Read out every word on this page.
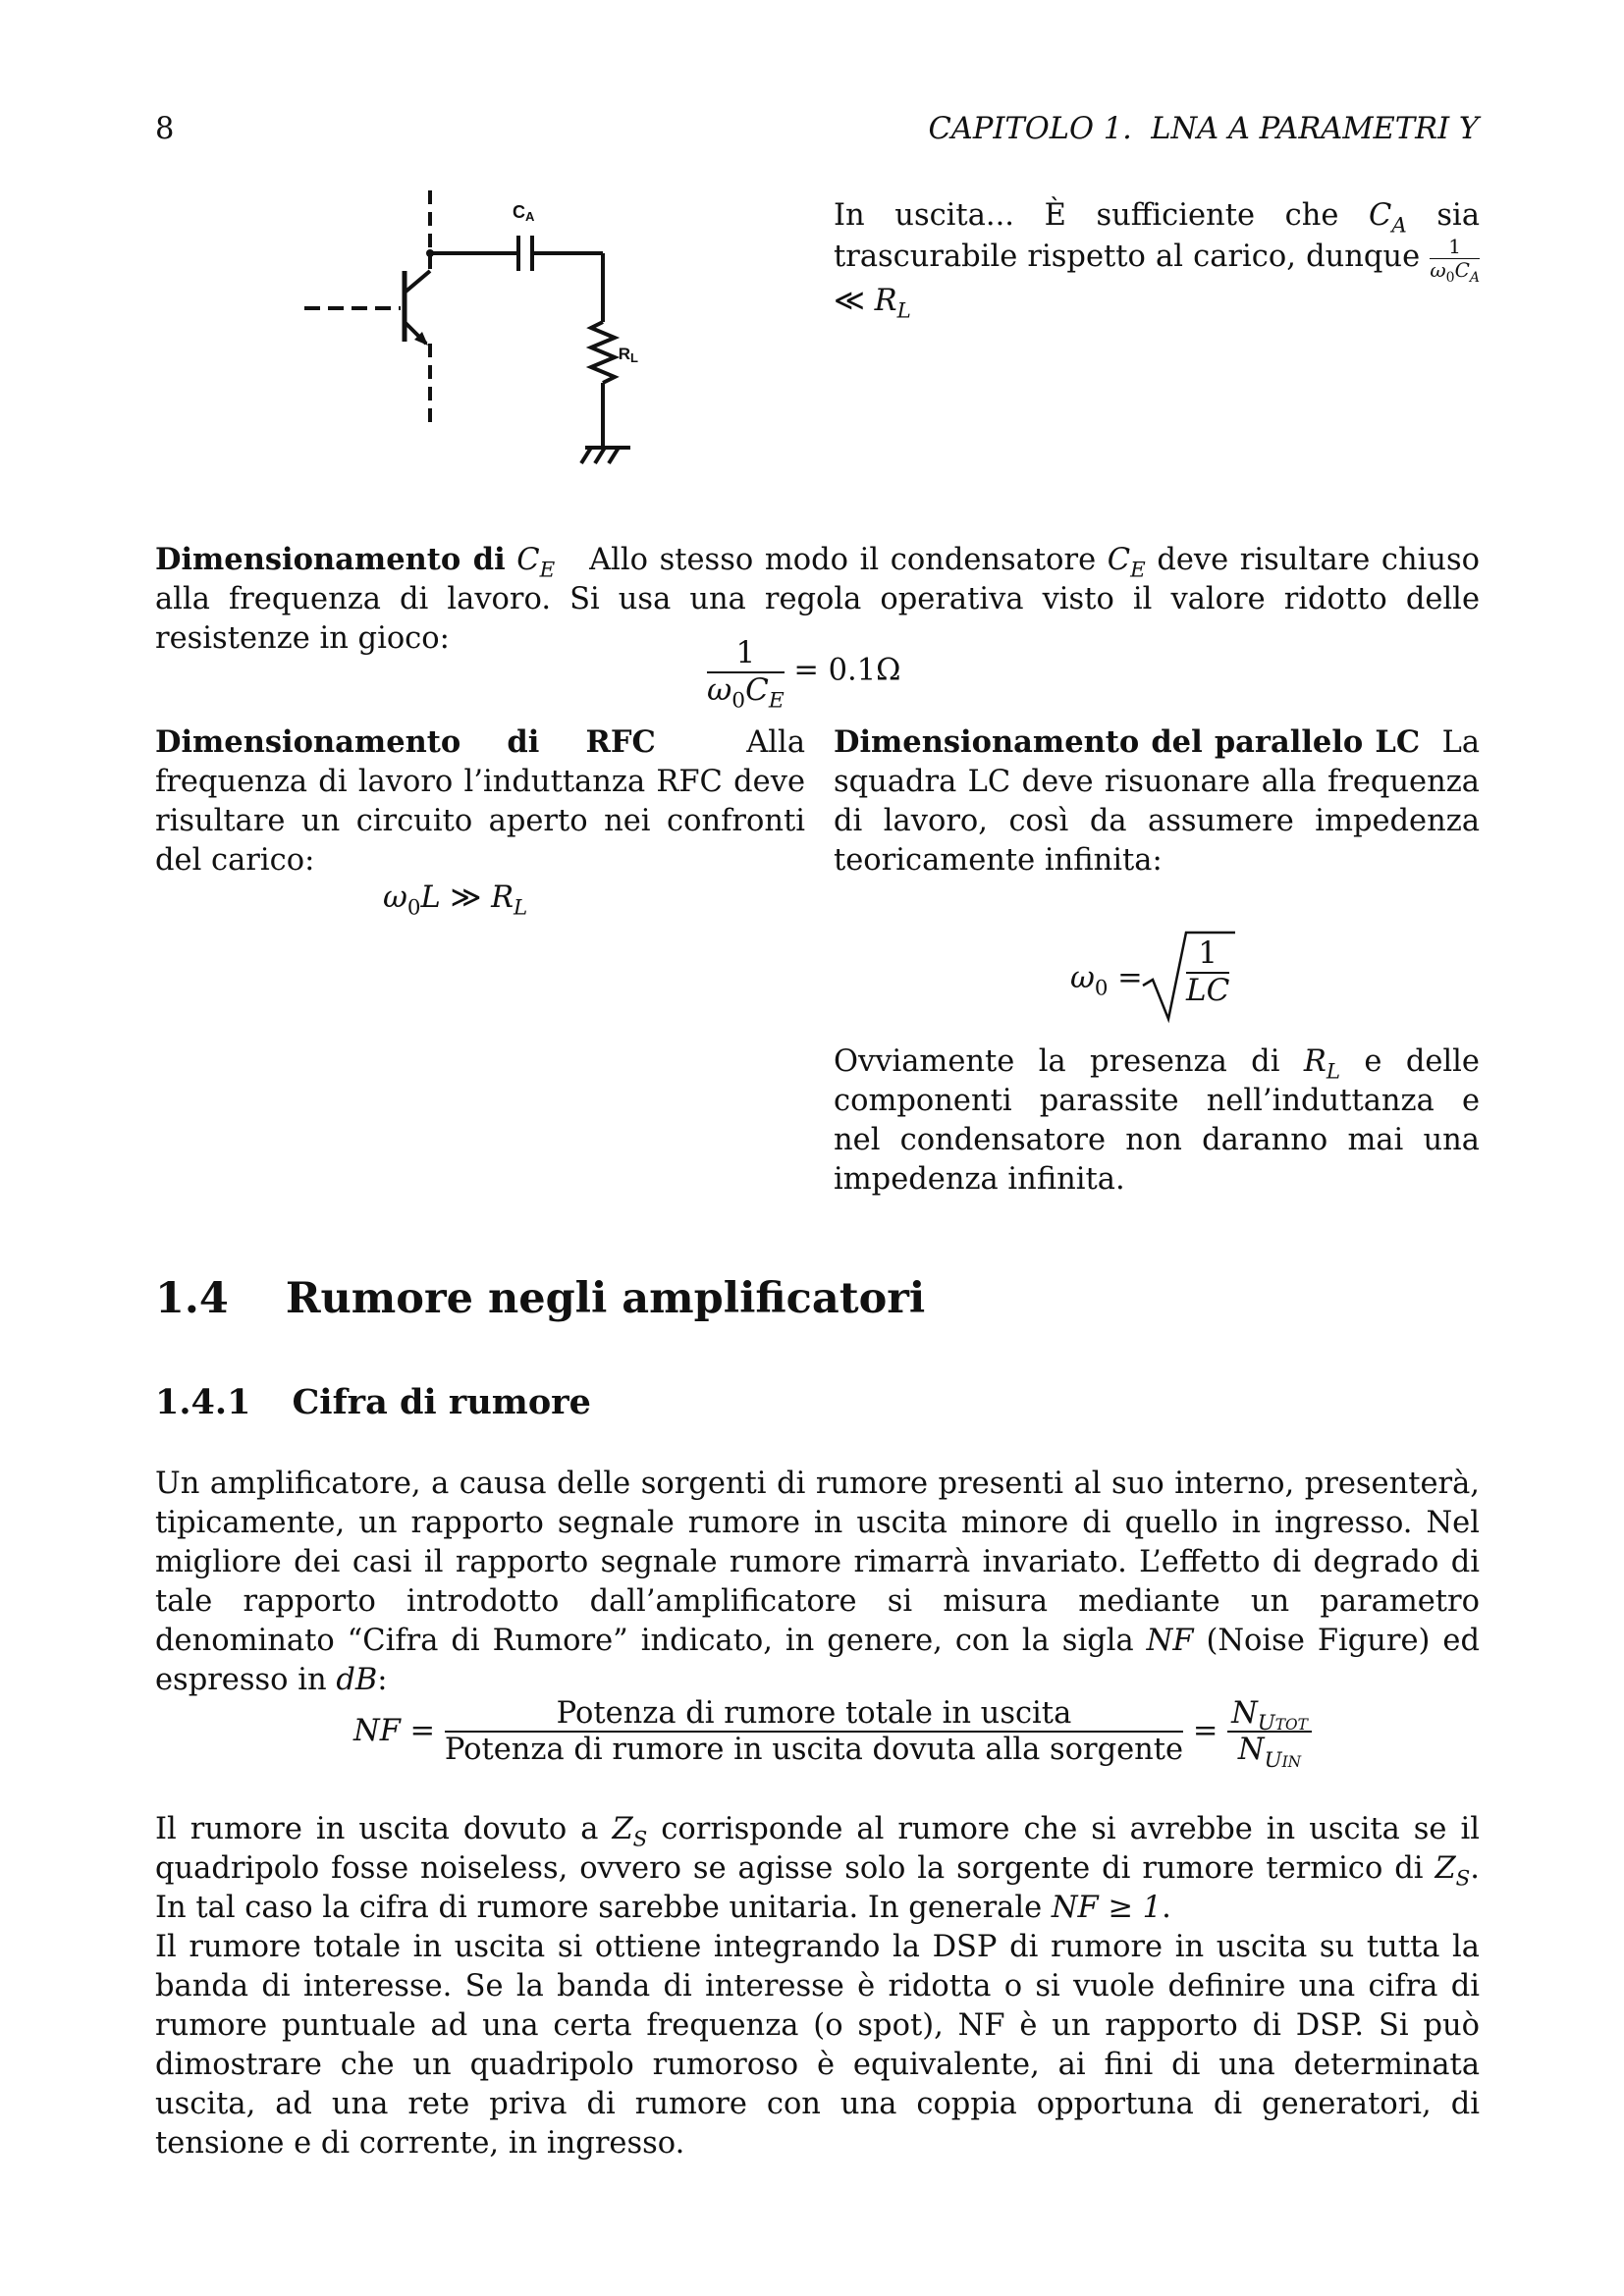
8	CAPITOLO 1.  LNA A PARAMETRI Y
CA
RL
In uscita... È sufficiente che $C_A$ sia trascurabile rispetto al carico, dunque $\frac{1}{\omega_0C_A}$
≪ $R_L$
Dimensionamento di $C_E$ Allo stesso modo il condensatore $C_E$ deve risultare chiuso alla frequenza di lavoro. Si usa una regola operativa visto il valore ridotto delle resistenze in gioco:	$\frac{1}{\omega_0C_E} = 0.1\Omega$
Dimensionamento di RFC	Alla frequenza di lavoro l’induttanza RFC deve risultare un circuito aperto nei confronti del carico:
$\omega_0L$ ≫ $R_L$
Dimensionamento del parallelo LC La squadra LC deve risuonare alla frequenza di lavoro, così da assumere impedenza teoricamente infinita:
$\omega_0 = \frac{1}{LC}$
Ovviamente la presenza di $R_L$ e delle componenti parassite nell’induttanza e nel condensatore non daranno mai una impedenza infinita.
1.4 Rumore negli amplificatori
1.4.1 Cifra di rumore
Un amplificatore, a causa delle sorgenti di rumore presenti al suo interno, presenterà, tipicamente, un rapporto segnale rumore in uscita minore di quello in ingresso. Nel migliore dei casi il rapporto segnale rumore rimarrà invariato. L’effetto di degrado di tale rapporto introdotto dall’amplificatore si misura mediante un parametro denominato “Cifra di Rumore” indicato, in genere, con la sigla NF (Noise Figure) ed espresso in dB:
NF = $\frac{\text{Potenza di rumore totale in uscita}}{\text{Potenza di rumore in uscita dovuta alla sorgente}} = \frac{N_{UTOT}}{N_{UIN}}$
Il rumore in uscita dovuto a $Z_S$ corrisponde al rumore che si avrebbe in uscita se il quadripolo fosse noiseless, ovvero se agisse solo la sorgente di rumore termico di $Z_S$. In tal caso la cifra di rumore sarebbe unitaria. In generale NF ≥ 1.
Il rumore totale in uscita si ottiene integrando la DSP di rumore in uscita su tutta la banda di interesse. Se la banda di interesse è ridotta o si vuole definire una cifra di rumore puntuale ad una certa frequenza (o spot), NF è un rapporto di DSP. Si può dimostrare che un quadripolo rumoroso è equivalente, ai fini di una determinata uscita, ad una rete priva di rumore con una coppia opportuna di generatori, di tensione e di corrente, in ingresso.
